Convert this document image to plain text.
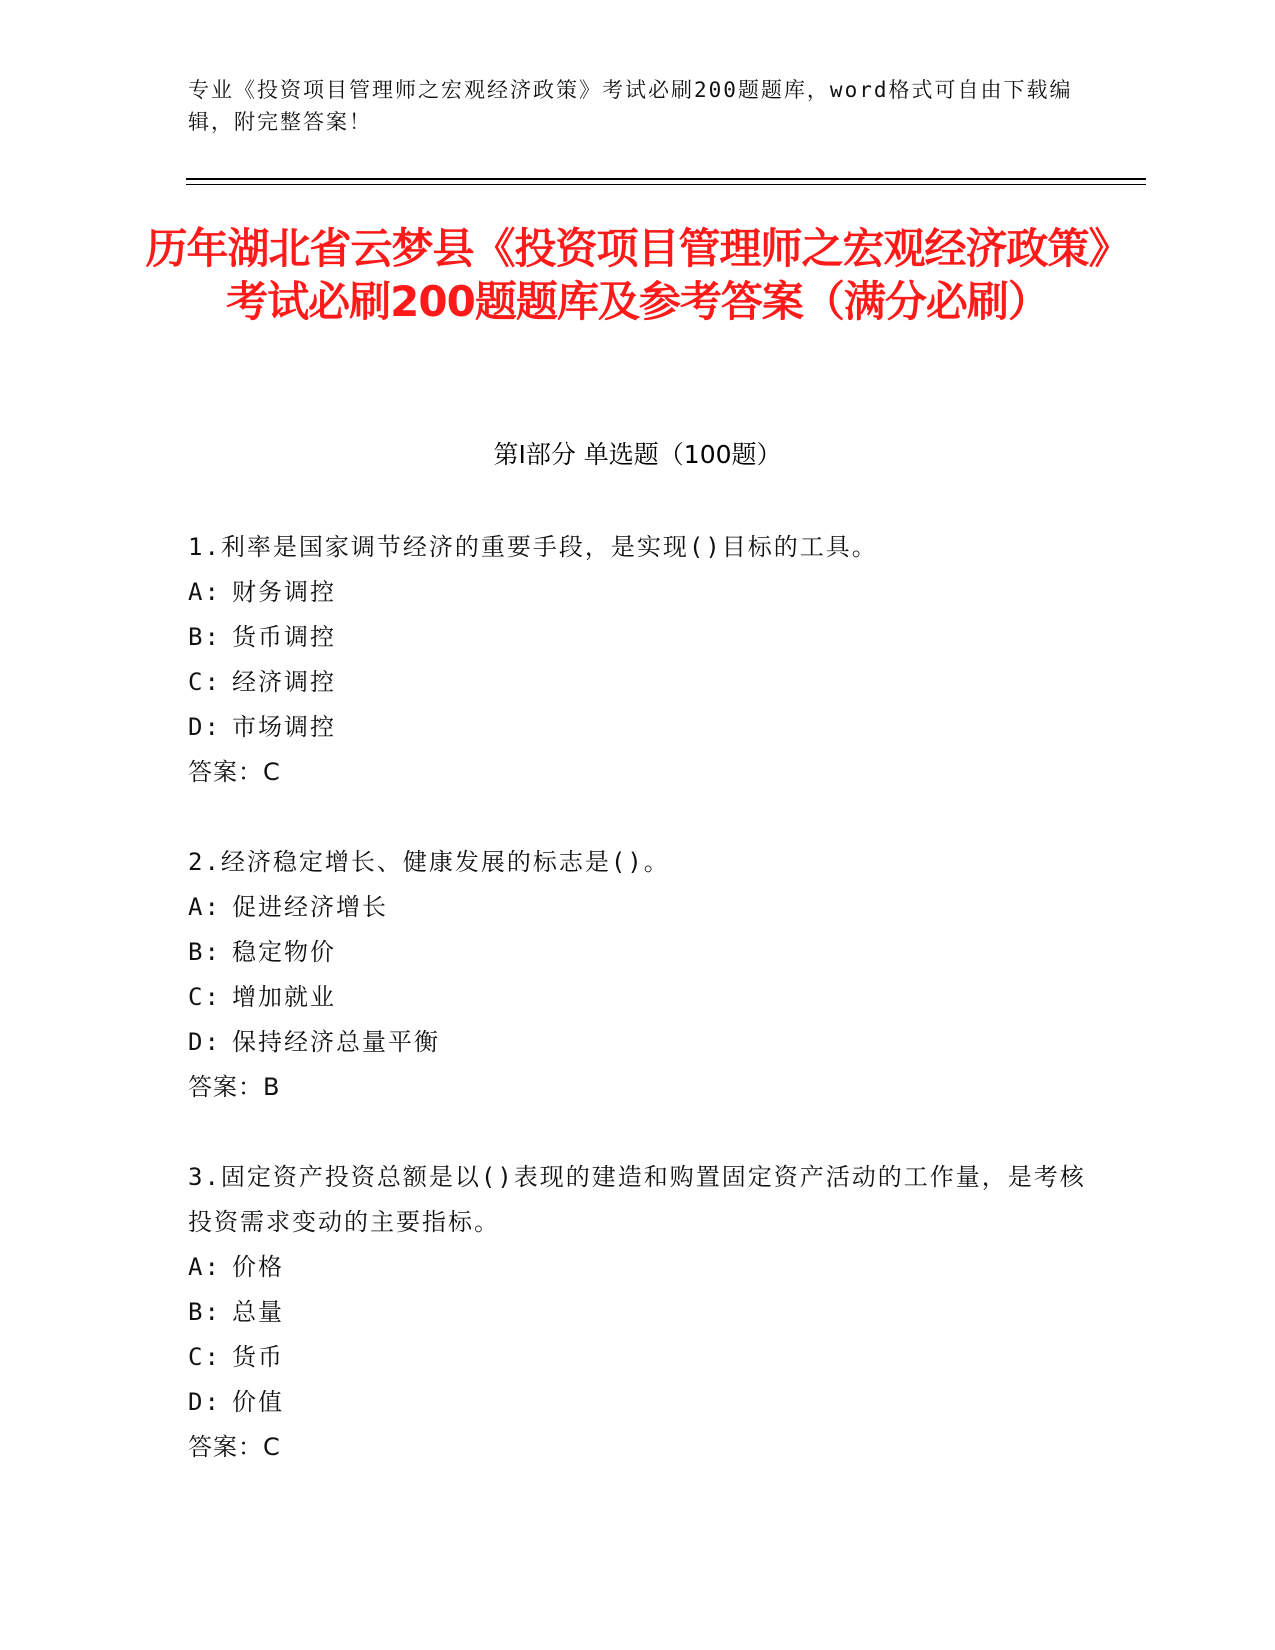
专业《投资项目管理师之宏观经济政策》考试必刷200题题库，word格式可自由下载编辑，附完整答案！
历年湖北省云梦县《投资项目管理师之宏观经济政策》考试必刷200题题库及参考答案（满分必刷）
第Ⅰ部分 单选题（100题）
1.利率是国家调节经济的重要手段，是实现()目标的工具。
A: 财务调控
B: 货币调控
C: 经济调控
D: 市场调控
答案：C
2.经济稳定增长、健康发展的标志是()。
A: 促进经济增长
B: 稳定物价
C: 增加就业
D: 保持经济总量平衡
答案：B
3.固定资产投资总额是以()表现的建造和购置固定资产活动的工作量，是考核投资需求变动的主要指标。
A: 价格
B: 总量
C: 货币
D: 价值
答案：C
